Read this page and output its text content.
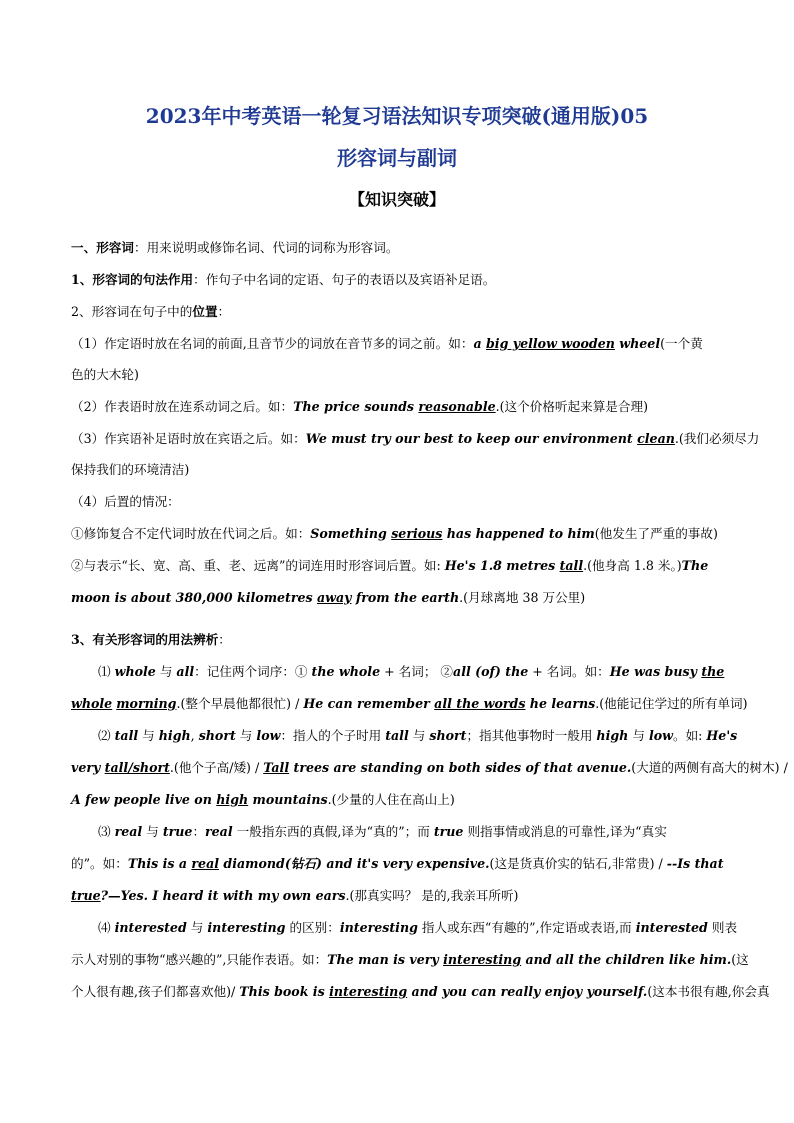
2023年中考英语一轮复习语法知识专项突破(通用版)05
形容词与副词
【知识突破】
一、形容词：用来说明或修饰名词、代词的词称为形容词。
1、形容词的句法作用：作句子中名词的定语、句子的表语以及宾语补足语。
2、形容词在句子中的位置：
（1）作定语时放在名词的前面,且音节少的词放在音节多的词之前。如：a big yellow wooden wheel(一个黄
色的大木轮)
（2）作表语时放在连系动词之后。如：The price sounds reasonable.(这个价格听起来算是合理)
（3）作宾语补足语时放在宾语之后。如：We must try our best to keep our environment clean.(我们必须尽力
保持我们的环境清洁)
（4）后置的情况：
①修饰复合不定代词时放在代词之后。如：Something serious has happened to him(他发生了严重的事故)
②与表示“长、宽、高、重、老、远离”的词连用时形容词后置。如: He's 1.8 metres tall.(他身高 1.8 米。)The
moon is about 380,000 kilometres away from the earth.(月球离地 38 万公里)
3、有关形容词的用法辨析：
⑴ whole 与 all：记住两个词序：① the whole + 名词； ②all (of) the + 名词。如：He was busy the
whole morning.(整个早晨他都很忙) / He can remember all the words he learns.(他能记住学过的所有单词)
⑵ tall 与 high, short 与 low：指人的个子时用 tall 与 short；指其他事物时一般用 high 与 low。如: He's
very tall/short.(他个子高/矮) / Tall trees are standing on both sides of that avenue.(大道的两侧有高大的树木) /
A few people live on high mountains.(少量的人住在高山上)
⑶ real 与 true：real 一般指东西的真假,译为“真的”；而 true 则指事情或消息的可靠性,译为“真实
的”。如：This is a real diamond(钻石) and it's very expensive.(这是货真价实的钻石,非常贵) / --Is that
true?—Yes. I heard it with my own ears.(那真实吗？ 是的,我亲耳所听)
⑷ interested 与 interesting 的区别：interesting 指人或东西“有趣的”,作定语或表语,而 interested 则表
示人对别的事物“感兴趣的”,只能作表语。如：The man is very interesting and all the children like him.(这
个人很有趣,孩子们都喜欢他)/ This book is interesting and you can really enjoy yourself.(这本书很有趣,你会真
